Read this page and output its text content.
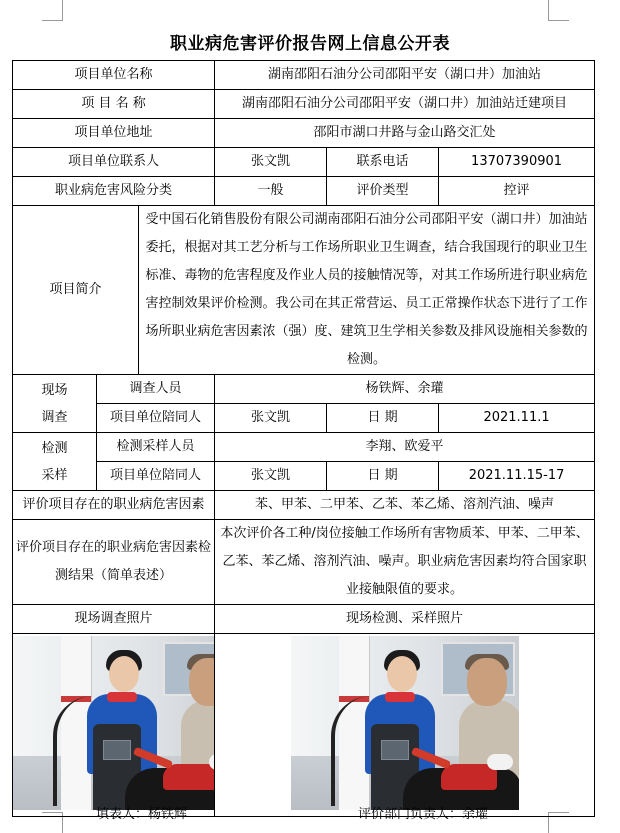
职业病危害评价报告网上信息公开表
项目单位名称			湖南邵阳石油分公司邵阳平安（湖口井）加油站		
项 目 名 称			湖南邵阳石油分公司邵阳平安（湖口井）加油站迁建项目		
项目单位地址			邵阳市湖口井路与金山路交汇处		
项目单位联系人			张文凯	联系电话	13707390901
职业病危害风险分类			一般	评价类型	控评
项目简介		受中国石化销售股份有限公司湖南邵阳石油分公司邵阳平安（湖口井）加油站委托，根据对其工艺分析与工作场所职业卫生调查，结合我国现行的职业卫生标准、毒物的危害程度及作业人员的接触情况等，对其工作场所进行职业病危害控制效果评价检测。我公司在其正常营运、员工正常操作状态下进行了工作场所职业病危害因素浓（强）度、建筑卫生学相关参数及排风设施相关参数的检测。			

现场
调查	调查人员		杨铁辉、余瓘		
	项目单位陪同人		张文凯	日 期	2021.11.1

检测
采样	检测采样人员		李翔、欧爱平		
	项目单位陪同人		张文凯	日 期	2021.11.15-17
评价项目存在的职业病危害因素			苯、甲苯、二甲苯、乙苯、苯乙烯、溶剂汽油、噪声		
评价项目存在的职业病危害因素检测结果（简单表述）			本次评价各工种/岗位接触工作场所有害物质苯、甲苯、二甲苯、乙苯、苯乙烯、溶剂汽油、噪声。职业病危害因素均符合国家职业接触限值的要求。		
现场调查照片			现场检测、采样照片		

填表人：杨铁辉	评价部门负责人：余瓘
